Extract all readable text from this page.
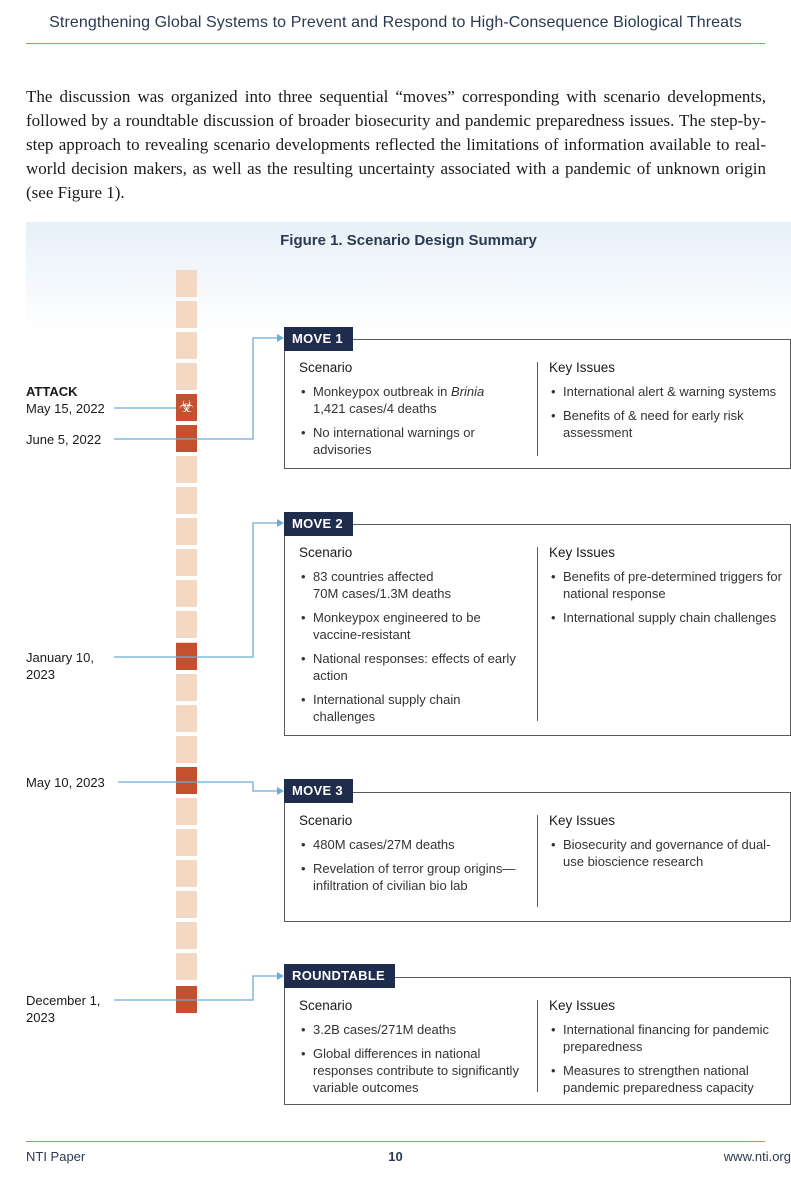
Strengthening Global Systems to Prevent and Respond to High-Consequence Biological Threats

The discussion was organized into three sequential “moves” corresponding with scenario developments, followed by a roundtable discussion of broader biosecurity and pandemic preparedness issues. The step-by-step approach to revealing scenario developments reflected the limitations of information available to real-world decision makers, as well as the resulting uncertainty associated with a pandemic of unknown origin (see Figure 1).

Figure 1. Scenario Design Summary
☣
ATTACK
May 15, 2022
June 5, 2022
January 10,
2023
May 10, 2023
December 1,
2023
Scenario
• Monkeypox outbreak in Brinia
1,421 cases/4 deaths
• No international warnings or advisories
Key Issues
• International alert & warning systems
• Benefits of & need for early risk assessment
MOVE 1
Scenario
• 83 countries affected
70M cases/1.3M deaths
• Monkeypox engineered to be vaccine-resistant
• National responses: effects of early action
• International supply chain challenges
Key Issues
• Benefits of pre-determined triggers for national response
• International supply chain challenges
MOVE 2
Scenario
• 480M cases/27M deaths
• Revelation of terror group origins—infiltration of civilian bio lab
Key Issues
• Biosecurity and governance of dual-use bioscience research
MOVE 3
Scenario
• 3.2B cases/271M deaths
• Global differences in national responses contribute to significantly variable outcomes
Key Issues
• International financing for pandemic preparedness
• Measures to strengthen national pandemic preparedness capacity
ROUNDTABLE
NTI Paper	10	www.nti.org
